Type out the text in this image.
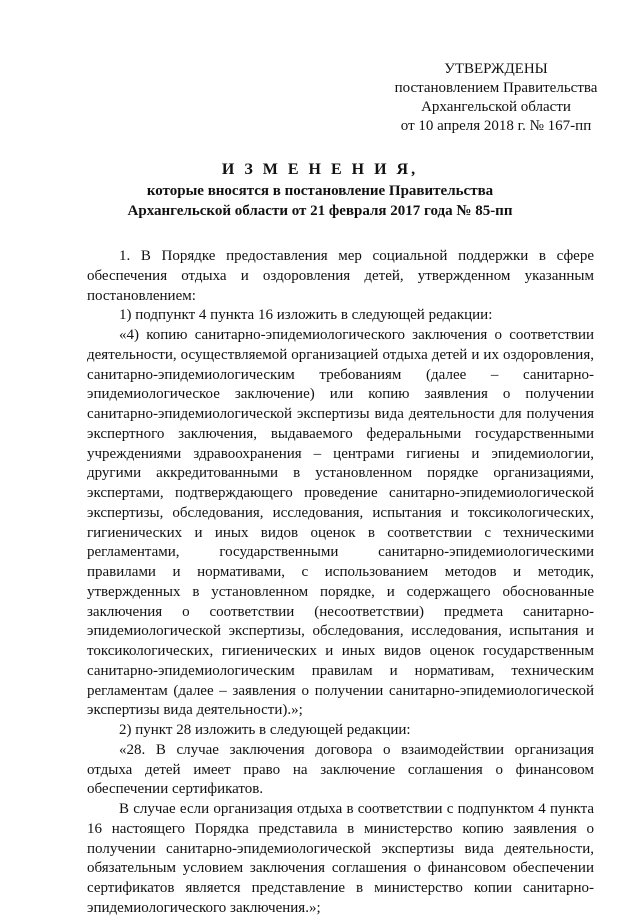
УТВЕРЖДЕНЫ
постановлением Правительства
Архангельской области
от 10 апреля 2018 г. № 167-пп
И З М Е Н Е Н И Я,
которые вносятся в постановление Правительства
Архангельской области от 21 февраля 2017 года № 85-пп

1. В Порядке предоставления мер социальной поддержки в сфере обеспечения отдыха и оздоровления детей, утвержденном указанным постановлением:

1) подпункт 4 пункта 16 изложить в следующей редакции:

«4) копию санитарно-эпидемиологического заключения о соответствии деятельности, осуществляемой организацией отдыха детей и их оздоровления, санитарно-эпидемиологическим требованиям (далее – санитарно-эпидемиологическое заключение) или копию заявления о получении санитарно-эпидемиологической экспертизы вида деятельности для получения экспертного заключения, выдаваемого федеральными государственными учреждениями здравоохранения – центрами гигиены и эпидемиологии, другими аккредитованными в установленном порядке организациями, экспертами, подтверждающего проведение санитарно-эпидемиологической экспертизы, обследования, исследования, испытания и токсикологических, гигиенических и иных видов оценок в соответствии с техническими регламентами, государственными санитарно-эпидемиологическими правилами и нормативами, с использованием методов и методик, утвержденных в установленном порядке, и содержащего обоснованные заключения о соответствии (несоответствии) предмета санитарно-эпидемиологической экспертизы, обследования, исследования, испытания и токсикологических, гигиенических и иных видов оценок государственным санитарно-эпидемиологическим правилам и нормативам, техническим регламентам (далее – заявления о получении санитарно-эпидемиологической экспертизы вида деятельности).»;

2) пункт 28 изложить в следующей редакции:

«28. В случае заключения договора о взаимодействии организация отдыха детей имеет право на заключение соглашения о финансовом обеспечении сертификатов.

В случае если организация отдыха в соответствии с подпунктом 4 пункта 16 настоящего Порядка представила в министерство копию заявления о получении санитарно-эпидемиологической экспертизы вида деятельности, обязательным условием заключения соглашения о финансовом обеспечении сертификатов является представление в министерство копии санитарно-эпидемиологического заключения.»;
